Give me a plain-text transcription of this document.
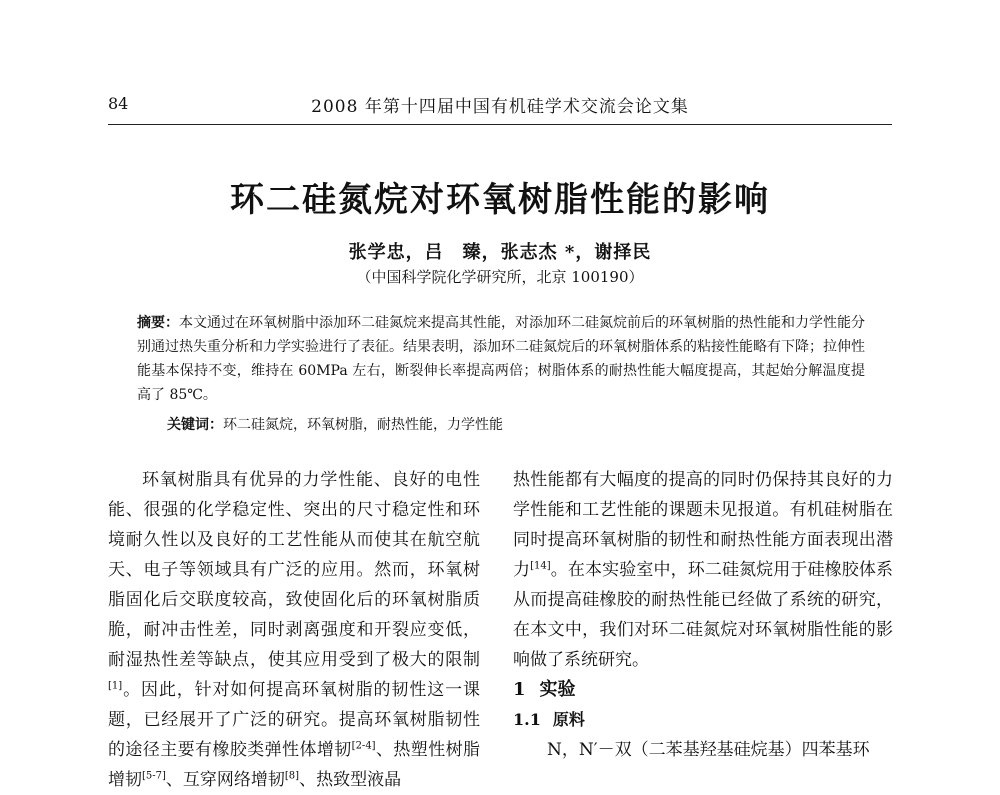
84	2008 年第十四届中国有机硅学术交流会论文集
环二硅氮烷对环氧树脂性能的影响
张学忠，吕　臻，张志杰 *，谢择民
（中国科学院化学研究所，北京 100190）
摘要：本文通过在环氧树脂中添加环二硅氮烷来提高其性能，对添加环二硅氮烷前后的环氧树脂的热性能和力学性能分别通过热失重分析和力学实验进行了表征。结果表明，添加环二硅氮烷后的环氧树脂体系的粘接性能略有下降；拉伸性能基本保持不变，维持在 60MPa 左右，断裂伸长率提高两倍；树脂体系的耐热性能大幅度提高，其起始分解温度提高了 85℃。
关键词：环二硅氮烷，环氧树脂，耐热性能，力学性能

环氧树脂具有优异的力学性能、良好的电性能、很强的化学稳定性、突出的尺寸稳定性和环境耐久性以及良好的工艺性能从而使其在航空航天、电子等领域具有广泛的应用。然而，环氧树脂固化后交联度较高，致使固化后的环氧树脂质脆，耐冲击性差，同时剥离强度和开裂应变低，耐湿热性差等缺点，使其应用受到了极大的限制[1]。因此，针对如何提高环氧树脂的韧性这一课题，已经展开了广泛的研究。提高环氧树脂韧性的途径主要有橡胶类弹性体增韧[2-4]、热塑性树脂增韧[5-7]、互穿网络增韧[8]、热致型液晶

热性能都有大幅度的提高的同时仍保持其良好的力学性能和工艺性能的课题未见报道。有机硅树脂在同时提高环氧树脂的韧性和耐热性能方面表现出潜力[14]。在本实验室中，环二硅氮烷用于硅橡胶体系从而提高硅橡胶的耐热性能已经做了系统的研究，在本文中，我们对环二硅氮烷对环氧树脂性能的影响做了系统研究。

1 实验

1.1 原料

N，N′－双（二苯基羟基硅烷基）四苯基环
